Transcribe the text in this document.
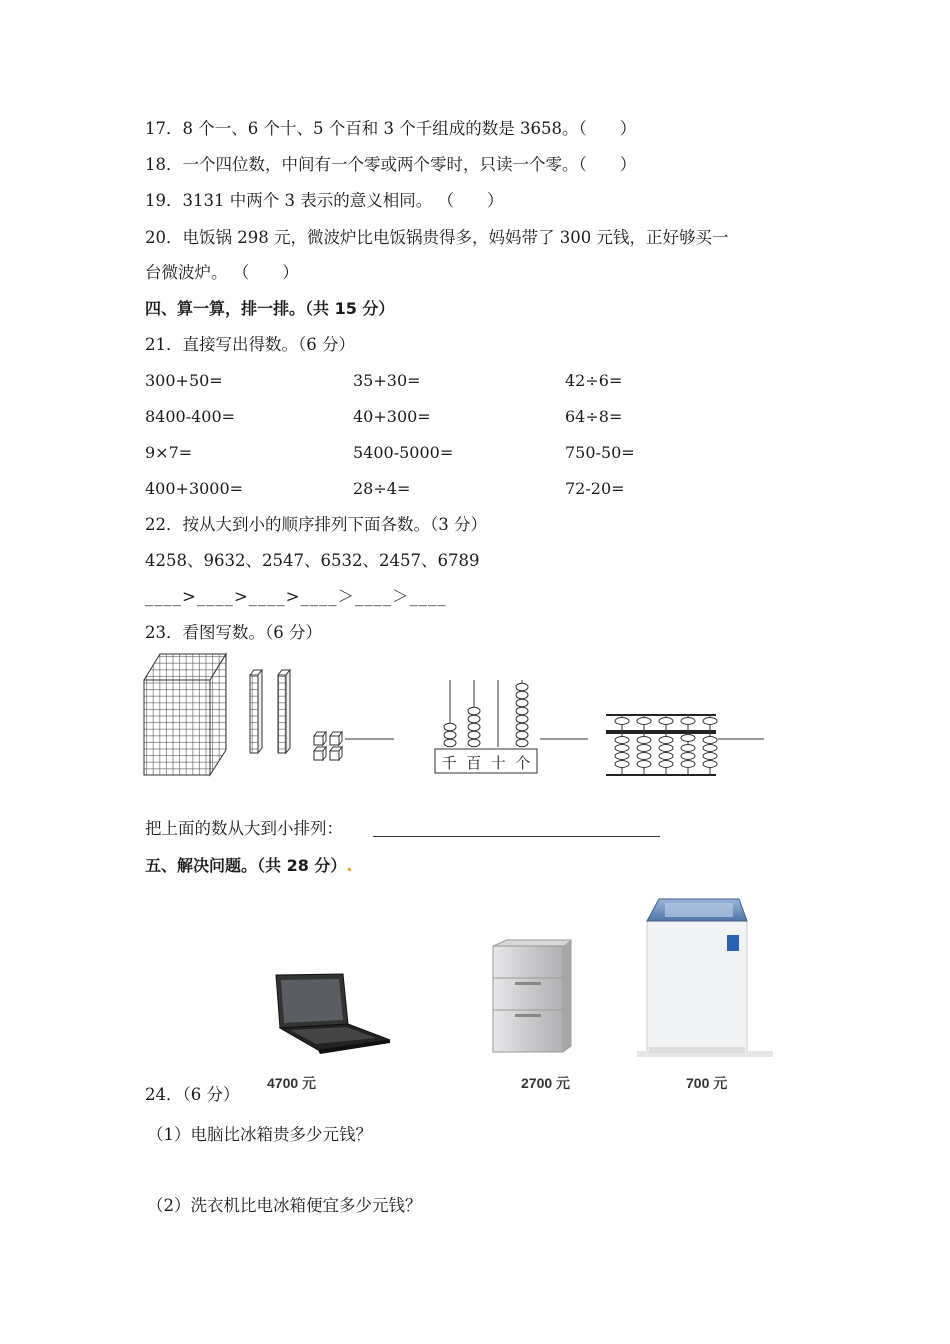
17．8 个一、6 个十、5 个百和 3 个千组成的数是 3658。（　　）
18．一个四位数，中间有一个零或两个零时，只读一个零。（　　）
19．3131 中两个 3 表示的意义相同。 （　　）
20．电饭锅 298 元，微波炉比电饭锅贵得多，妈妈带了 300 元钱，正好够买一
台微波炉。 （　　）
四、算一算，排一排。（共 15 分）
21．直接写出得数。（6 分）
300+50=	35+30=	42÷6=
8400-400=	40+300=	64÷8=
9×7=	5400-5000=	750-50=
400+3000=	28÷4=	72-20=
22．按从大到小的顺序排列下面各数。（3 分）
4258、9632、2547、6532、2457、6789
____>____>____>____＞____＞____
23．看图写数。（6 分）
千 百 十 个
把上面的数从大到小排列：
五、解决问题。（共 28 分）.
4700 元	2700 元	700 元
24．（6 分）
（1）电脑比冰箱贵多少元钱？
（2）洗衣机比电冰箱便宜多少元钱？
